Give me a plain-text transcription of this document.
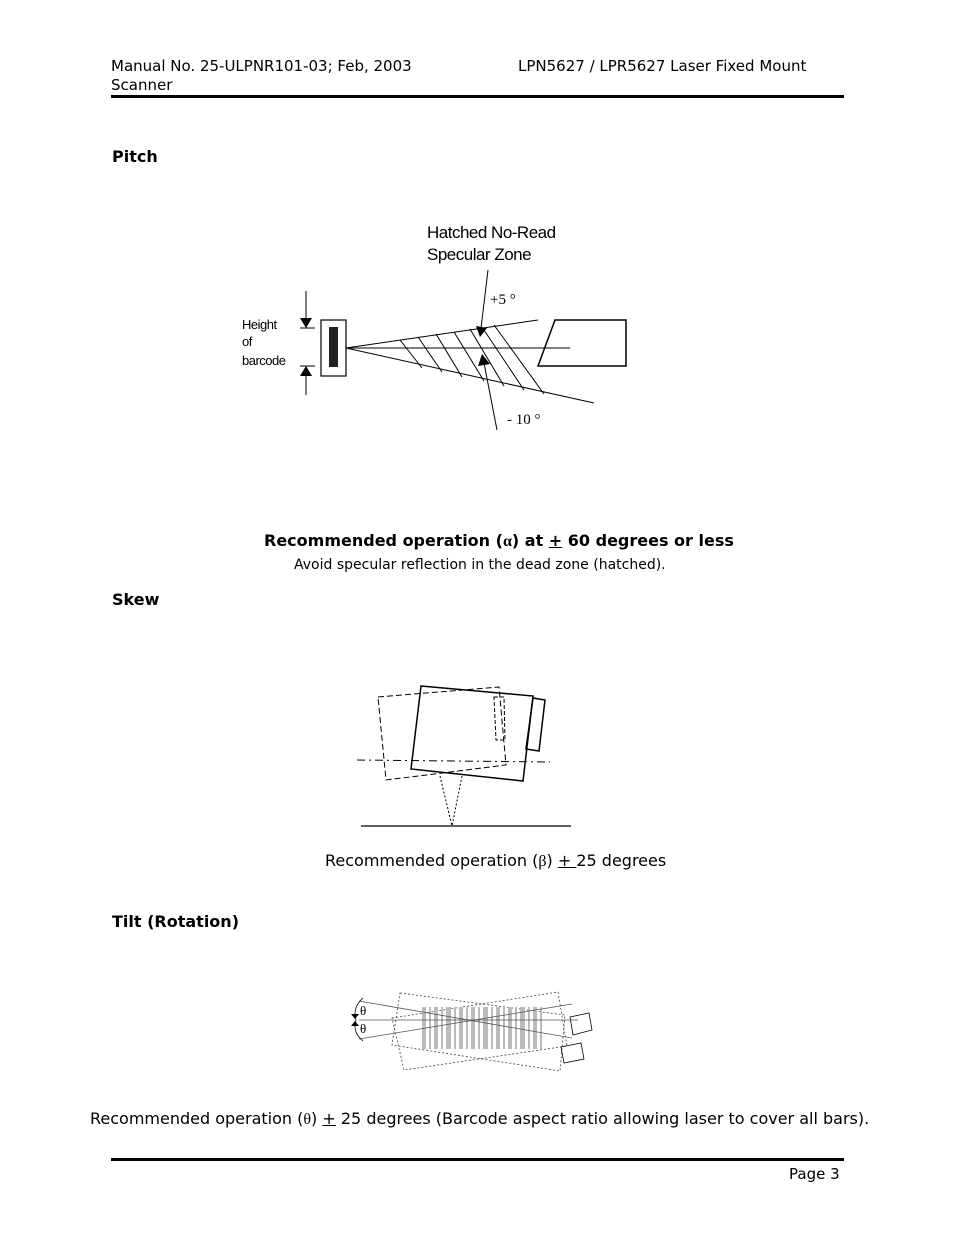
Manual No. 25-ULPNR101-03; Feb, 2003	LPN5627 / LPR5627 Laser Fixed Mount
Scanner
Pitch
Hatched No-Read
Specular Zone
+5 °
- 10 °
Height
of
barcode
Recommended operation (α) at + 60 degrees or less
Avoid specular reflection in the dead zone (hatched).
Skew
Recommended operation (β) + 25 degrees
Tilt (Rotation)
θ
θ
Recommended operation (θ) + 25 degrees (Barcode aspect ratio allowing laser to cover all bars).
Page 3
